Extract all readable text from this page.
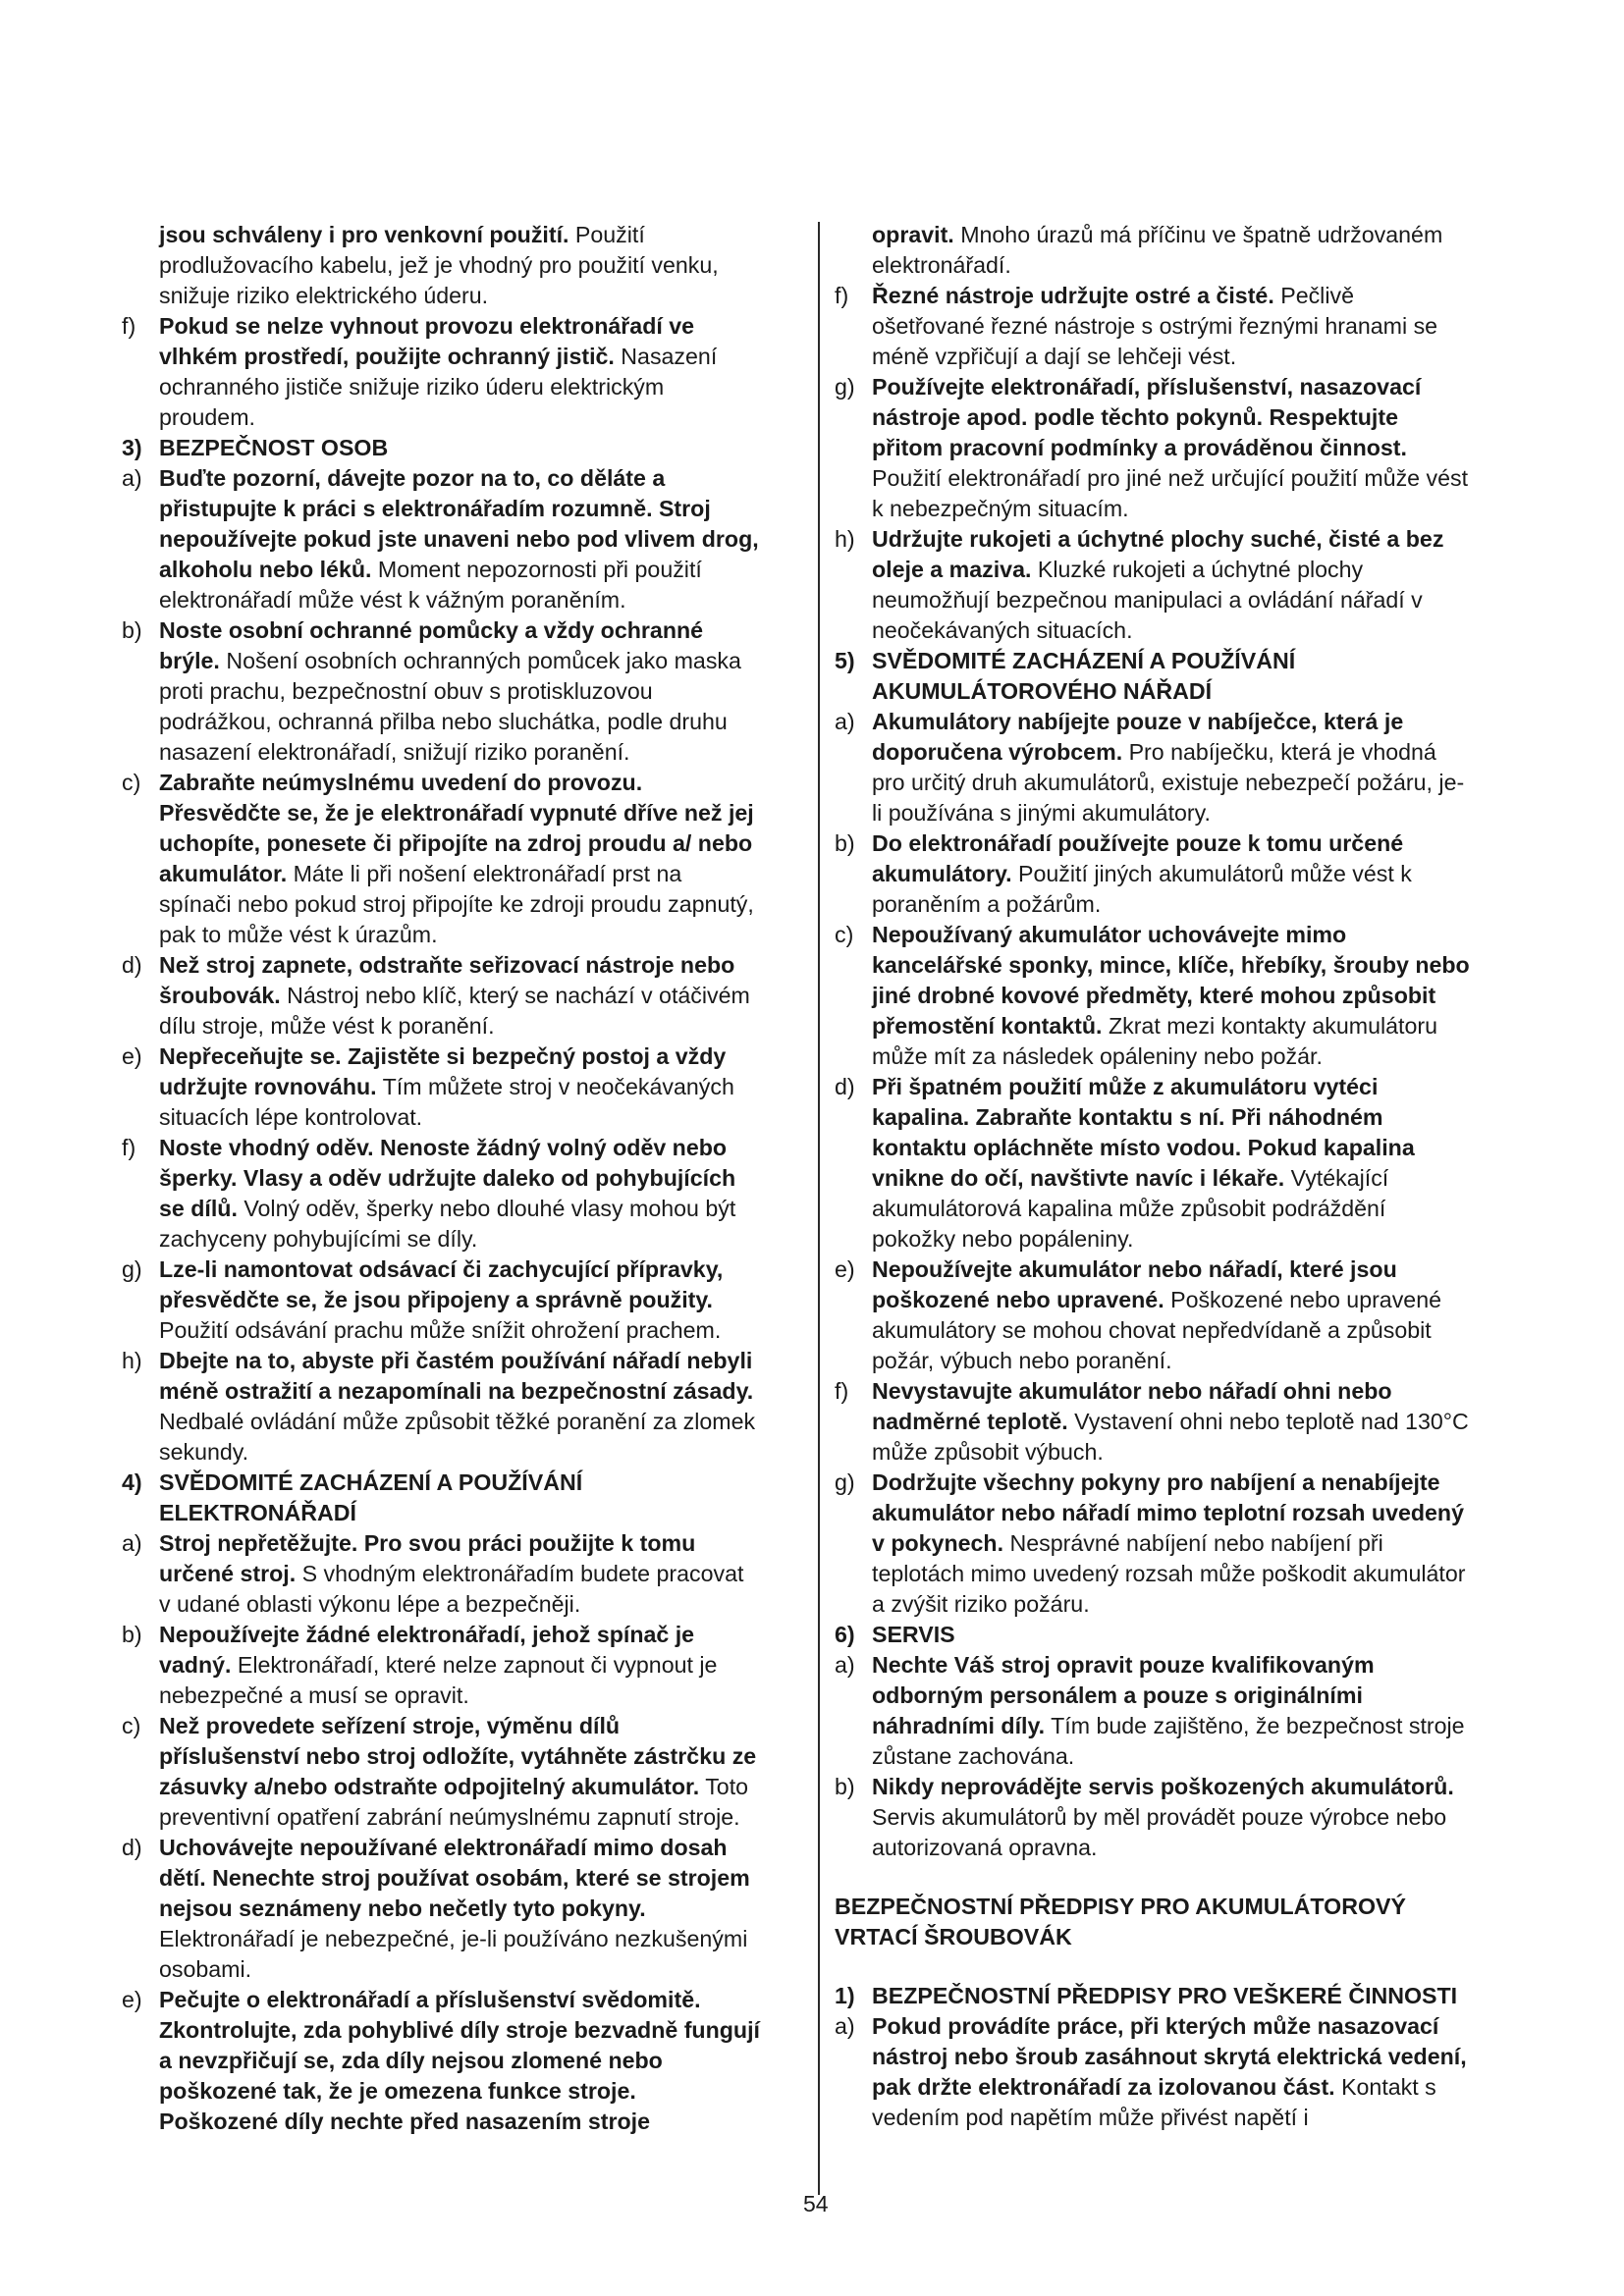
jsou schváleny i pro venkovní použití. Použití prodlužovacího kabelu, jež je vhodný pro použití venku, snižuje riziko elektrického úderu.
f)	Pokud se nelze vyhnout provozu elektronářadí ve vlhkém prostředí, použijte ochranný jistič. Nasazení ochranného jističe snižuje riziko úderu elektrickým proudem.
3) BEZPEČNOST OSOB
a) Buďte pozorní, dávejte pozor na to, co děláte a přistupujte k práci s elektronářadím rozumně. Stroj nepoužívejte pokud jste unaveni nebo pod vlivem drog, alkoholu nebo léků. Moment nepozornosti při použití elektronářadí může vést k vážným poraněním.
b) Noste osobní ochranné pomůcky a vždy ochranné brýle. Nošení osobních ochranných pomůcek jako maska proti prachu, bezpečnostní obuv s protiskluzovou podrážkou, ochranná přilba nebo sluchátka, podle druhu nasazení elektronářadí, snižují riziko poranění.
c) Zabraňte neúmyslnému uvedení do provozu. Přesvědčte se, že je elektronářadí vypnuté dříve než jej uchopíte, ponesete či připojíte na zdroj proudu a/ nebo akumulátor. Máte li při nošení elektronářadí prst na spínači nebo pokud stroj připojíte ke zdroji proudu zapnutý, pak to může vést k úrazům.
d) Než stroj zapnete, odstraňte seřizovací nástroje nebo šroubovák. Nástroj nebo klíč, který se nachází v otáčivém dílu stroje, může vést k poranění.
e) Nepřeceňujte se. Zajistěte si bezpečný postoj a vždy udržujte rovnováhu. Tím můžete stroj v neočekávaných situacích lépe kontrolovat.
f)	Noste vhodný oděv. Nenoste žádný volný oděv nebo šperky. Vlasy a oděv udržujte daleko od pohybujících se dílů. Volný oděv, šperky nebo dlouhé vlasy mohou být zachyceny pohybujícími se díly.
g) Lze-li namontovat odsávací či zachycující přípravky, přesvědčte se, že jsou připojeny a správně použity. Použití odsávání prachu může snížit ohrožení prachem.
h) Dbejte na to, abyste při častém používání nářadí nebyli méně ostražití a nezapomínali na bezpečnostní zásady. Nedbalé ovládání může způsobit těžké poranění za zlomek sekundy.
4) SVĚDOMITÉ ZACHÁZENÍ A POUŽÍVÁNÍ ELEKTRONÁŘADÍ
a) Stroj nepřetěžujte. Pro svou práci použijte k tomu určené stroj. S vhodným elektronářadím budete pracovat v udané oblasti výkonu lépe a bezpečněji.
b) Nepoužívejte žádné elektronářadí, jehož spínač je vadný. Elektronářadí, které nelze zapnout či vypnout je nebezpečné a musí se opravit.
c) Než provedete seřízení stroje, výměnu dílů příslušenství nebo stroj odložíte, vytáhněte zástrčku ze zásuvky a/nebo odstraňte odpojitelný akumulátor. Toto preventivní opatření zabrání neúmyslnému zapnutí stroje.
d) Uchovávejte nepoužívané elektronářadí mimo dosah dětí. Nenechte stroj používat osobám, které se strojem nejsou seznámeny nebo nečetly tyto pokyny. Elektronářadí je nebezpečné, je-li používáno nezkušenými osobami.
e) Pečujte o elektronářadí a příslušenství svědomitě. Zkontrolujte, zda pohyblivé díly stroje bezvadně fungují a nevzpřičují se, zda díly nejsou zlomené nebo poškozené tak, že je omezena funkce stroje. Poškozené díly nechte před nasazením stroje
opravit. Mnoho úrazů má příčinu ve špatně udržovaném elektronářadí.
f)	Řezné nástroje udržujte ostré a čisté. Pečlivě ošetřované řezné nástroje s ostrými řeznými hranami se méně vzpřičují a dají se lehčeji vést.
g) Používejte elektronářadí, příslušenství, nasazovací nástroje apod. podle těchto pokynů. Respektujte přitom pracovní podmínky a prováděnou činnost. Použití elektronářadí pro jiné než určující použití může vést k nebezpečným situacím.
h) Udržujte rukojeti a úchytné plochy suché, čisté a bez oleje a maziva. Kluzké rukojeti a úchytné plochy neumožňují bezpečnou manipulaci a ovládání nářadí v neočekávaných situacích.
5) SVĚDOMITÉ ZACHÁZENÍ A POUŽÍVÁNÍ AKUMULÁTOROVÉHO NÁŘADÍ
a) Akumulátory nabíjejte pouze v nabíječce, která je doporučena výrobcem. Pro nabíječku, která je vhodná pro určitý druh akumulátorů, existuje nebezpečí požáru, je-li používána s jinými akumulátory.
b) Do elektronářadí používejte pouze k tomu určené akumulátory. Použití jiných akumulátorů může vést k poraněním a požárům.
c) Nepoužívaný akumulátor uchovávejte mimo kancelářské sponky, mince, klíče, hřebíky, šrouby nebo jiné drobné kovové předměty, které mohou způsobit přemostění kontaktů. Zkrat mezi kontakty akumulátoru může mít za následek opáleniny nebo požár.
d) Při špatném použití může z akumulátoru vytéci kapalina. Zabraňte kontaktu s ní. Při náhodném kontaktu opláchněte místo vodou. Pokud kapalina vnikne do očí, navštivte navíc i lékaře. Vytékající akumulátorová kapalina může způsobit podráždění pokožky nebo popáleniny.
e) Nepoužívejte akumulátor nebo nářadí, které jsou poškozené nebo upravené. Poškozené nebo upravené akumulátory se mohou chovat nepředvídaně a způsobit požár, výbuch nebo poranění.
f)	Nevystavujte akumulátor nebo nářadí ohni nebo nadměrné teplotě. Vystavení ohni nebo teplotě nad 130°C může způsobit výbuch.
g) Dodržujte všechny pokyny pro nabíjení a nenabíjejte akumulátor nebo nářadí mimo teplotní rozsah uvedený v pokynech. Nesprávné nabíjení nebo nabíjení při teplotách mimo uvedený rozsah může poškodit akumulátor a zvýšit riziko požáru.
6) SERVIS
a) Nechte Váš stroj opravit pouze kvalifikovaným odborným personálem a pouze s originálními náhradními díly. Tím bude zajištěno, že bezpečnost stroje zůstane zachována.
b) Nikdy neprovádějte servis poškozených akumulátorů. Servis akumulátorů by měl provádět pouze výrobce nebo autorizovaná opravna.
BEZPEČNOSTNÍ PŘEDPISY PRO AKUMULÁTOROVÝ VRTACÍ ŠROUBOVÁK
1) BEZPEČNOSTNÍ PŘEDPISY PRO VEŠKERÉ ČINNOSTI
a) Pokud provádíte práce, při kterých může nasazovací nástroj nebo šroub zasáhnout skrytá elektrická vedení, pak držte elektronářadí za izolovanou část. Kontakt s vedením pod napětím může přivést napětí i
54
